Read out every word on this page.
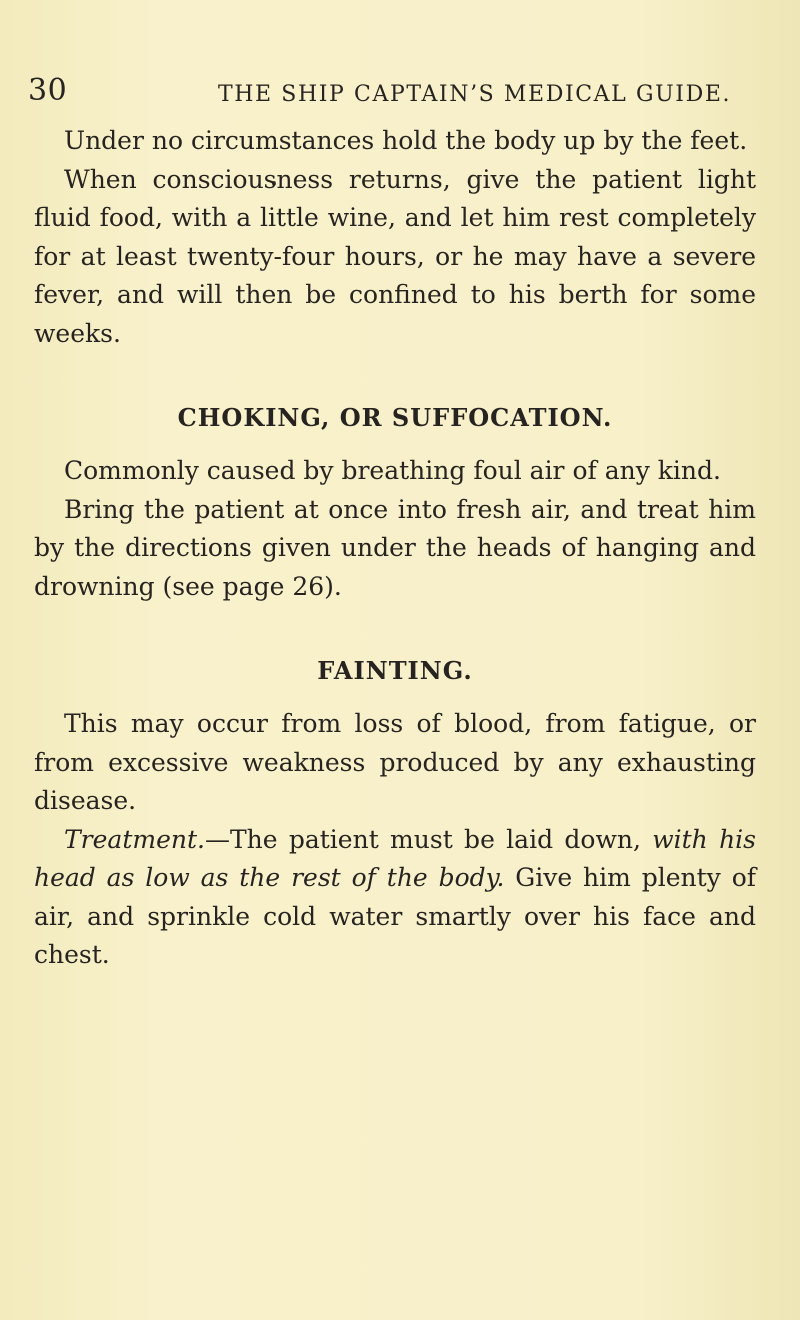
30	THE SHIP CAPTAIN’S MEDICAL GUIDE.

Under no circumstances hold the body up by the feet.

When consciousness returns, give the patient light fluid food, with a little wine, and let him rest completely for at least twenty-four hours, or he may have a severe fever, and will then be confined to his berth for some weeks.

CHOKING, OR SUFFOCATION.

Commonly caused by breathing foul air of any kind.

Bring the patient at once into fresh air, and treat him by the directions given under the heads of hanging and drowning (see page 26).

FAINTING.

This may occur from loss of blood, from fatigue, or from excessive weakness produced by any exhausting disease.

Treatment.—The patient must be laid down, with his head as low as the rest of the body. Give him plenty of air, and sprinkle cold water smartly over his face and chest.
